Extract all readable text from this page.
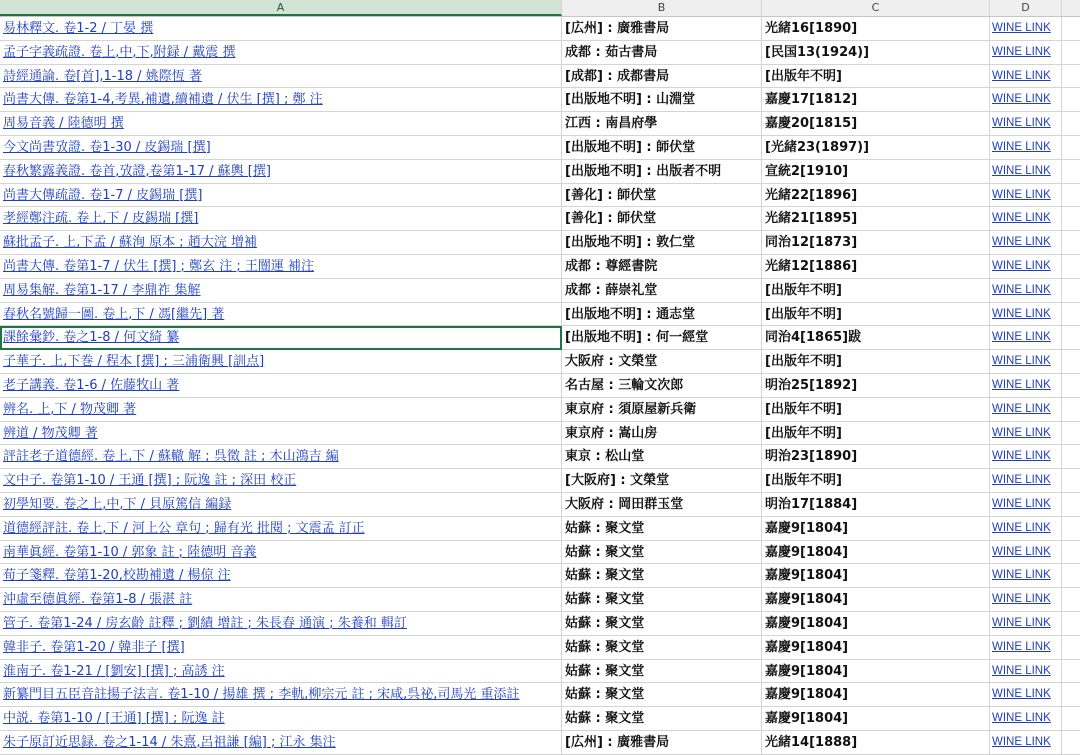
A	B	C	D
易林釋文. 卷1-2 / 丁晏 撰	[広州] : 廣雅書局	光緒16[1890]	WINE LINK
孟子字義疏證. 卷上,中,下,附録 / 戴震 撰	成都 : 茹古書局	[民国13(1924)]	WINE LINK
詩經通論. 卷[首],1-18 / 姚際恆 著	[成都] : 成都書局	[出版年不明]	WINE LINK
尚書大傳. 卷第1-4,考異,補遺,續補遺 / 伏生 [撰] ; 鄭 注	[出版地不明] : 山淵堂	嘉慶17[1812]	WINE LINK
周易音義 / 陸德明 撰	江西 : 南昌府學	嘉慶20[1815]	WINE LINK
今文尚書攷證. 卷1-30 / 皮錫瑞 [撰]	[出版地不明] : 師伏堂	[光緒23(1897)]	WINE LINK
春秋繁露義證. 卷首,攷證,卷第1-17 / 蘇輿 [撰]	[出版地不明] : 出版者不明	宣統2[1910]	WINE LINK
尚書大傳疏證. 卷1-7 / 皮錫瑞 [撰]	[善化] : 師伏堂	光緒22[1896]	WINE LINK
孝經鄭注疏. 卷上,下 / 皮錫瑞 [撰]	[善化] : 師伏堂	光緒21[1895]	WINE LINK
蘇批孟子. 上,下孟 / 蘇洵 原本 ; 趙大浣 增補	[出版地不明] : 敦仁堂	同治12[1873]	WINE LINK
尚書大傳. 卷第1-7 / 伏生 [撰] ; 鄭玄 注 ; 王闓運 補注	成都 : 尊經書院	光緒12[1886]	WINE LINK
周易集解. 卷第1-17 / 李鼎祚 集解	成都 : 薛崇礼堂	[出版年不明]	WINE LINK
春秋名號歸一圖. 卷上,下 / 馮[繼先] 著	[出版地不明] : 通志堂	[出版年不明]	WINE LINK
課餘彙鈔. 卷之1-8 / 何文綺 纂	[出版地不明] : 何一經堂	同治4[1865]跋	WINE LINK
子華子. 上,下巻 / 程本 [撰] ; 三浦衛興 [訓点]	大阪府 : 文榮堂	[出版年不明]	WINE LINK
老子講義. 卷1-6 / 佐藤牧山 著	名古屋 : 三輪文次郎	明治25[1892]	WINE LINK
辨名. 上,下 / 物茂卿 著	東京府 : 須原屋新兵衛	[出版年不明]	WINE LINK
辨道 / 物茂卿 著	東京府 : 嵩山房	[出版年不明]	WINE LINK
評註老子道德經. 卷上,下 / 蘇轍 解 ; 呉徵 註 ; 木山鴻吉 編	東京 : 松山堂	明治23[1890]	WINE LINK
文中子. 卷第1-10 / 王通 [撰] ; 阮逸 註 ; 深田 校正	[大阪府] : 文榮堂	[出版年不明]	WINE LINK
初學知要. 卷之上,中,下 / 貝原篤信 編録	大阪府 : 岡田群玉堂	明治17[1884]	WINE LINK
道德經評註. 卷上,下 / 河上公 章句 ; 歸有光 批閱 ; 文震孟 訂正	姑蘇 : 聚文堂	嘉慶9[1804]	WINE LINK
南華眞經. 卷第1-10 / 郭象 註 ; 陸德明 音義	姑蘇 : 聚文堂	嘉慶9[1804]	WINE LINK
荀子箋釋. 卷第1-20,校勘補遺 / 楊倞 注	姑蘇 : 聚文堂	嘉慶9[1804]	WINE LINK
沖虛至德眞經. 卷第1-8 / 張湛 註	姑蘇 : 聚文堂	嘉慶9[1804]	WINE LINK
管子. 卷第1-24 / 房玄齡 註釋 ; 劉績 增註 ; 朱長春 通演 ; 朱養和 輯訂	姑蘇 : 聚文堂	嘉慶9[1804]	WINE LINK
韓非子. 卷第1-20 / 韓非子 [撰]	姑蘇 : 聚文堂	嘉慶9[1804]	WINE LINK
淮南子. 卷1-21 / [劉安] [撰] ; 高誘 注	姑蘇 : 聚文堂	嘉慶9[1804]	WINE LINK
新纂門目五臣音註揚子法言. 卷1-10 / 揚雄 撰 ; 李軌,柳宗元 註 ; 宋咸,呉祕,司馬光 重添註	姑蘇 : 聚文堂	嘉慶9[1804]	WINE LINK
中説. 卷第1-10 / [王通] [撰] ; 阮逸 註	姑蘇 : 聚文堂	嘉慶9[1804]	WINE LINK
朱子原訂近思録. 卷之1-14 / 朱熹,呂祖謙 [編] ; 江永 集注	[広州] : 廣雅書局	光緒14[1888]	WINE LINK
